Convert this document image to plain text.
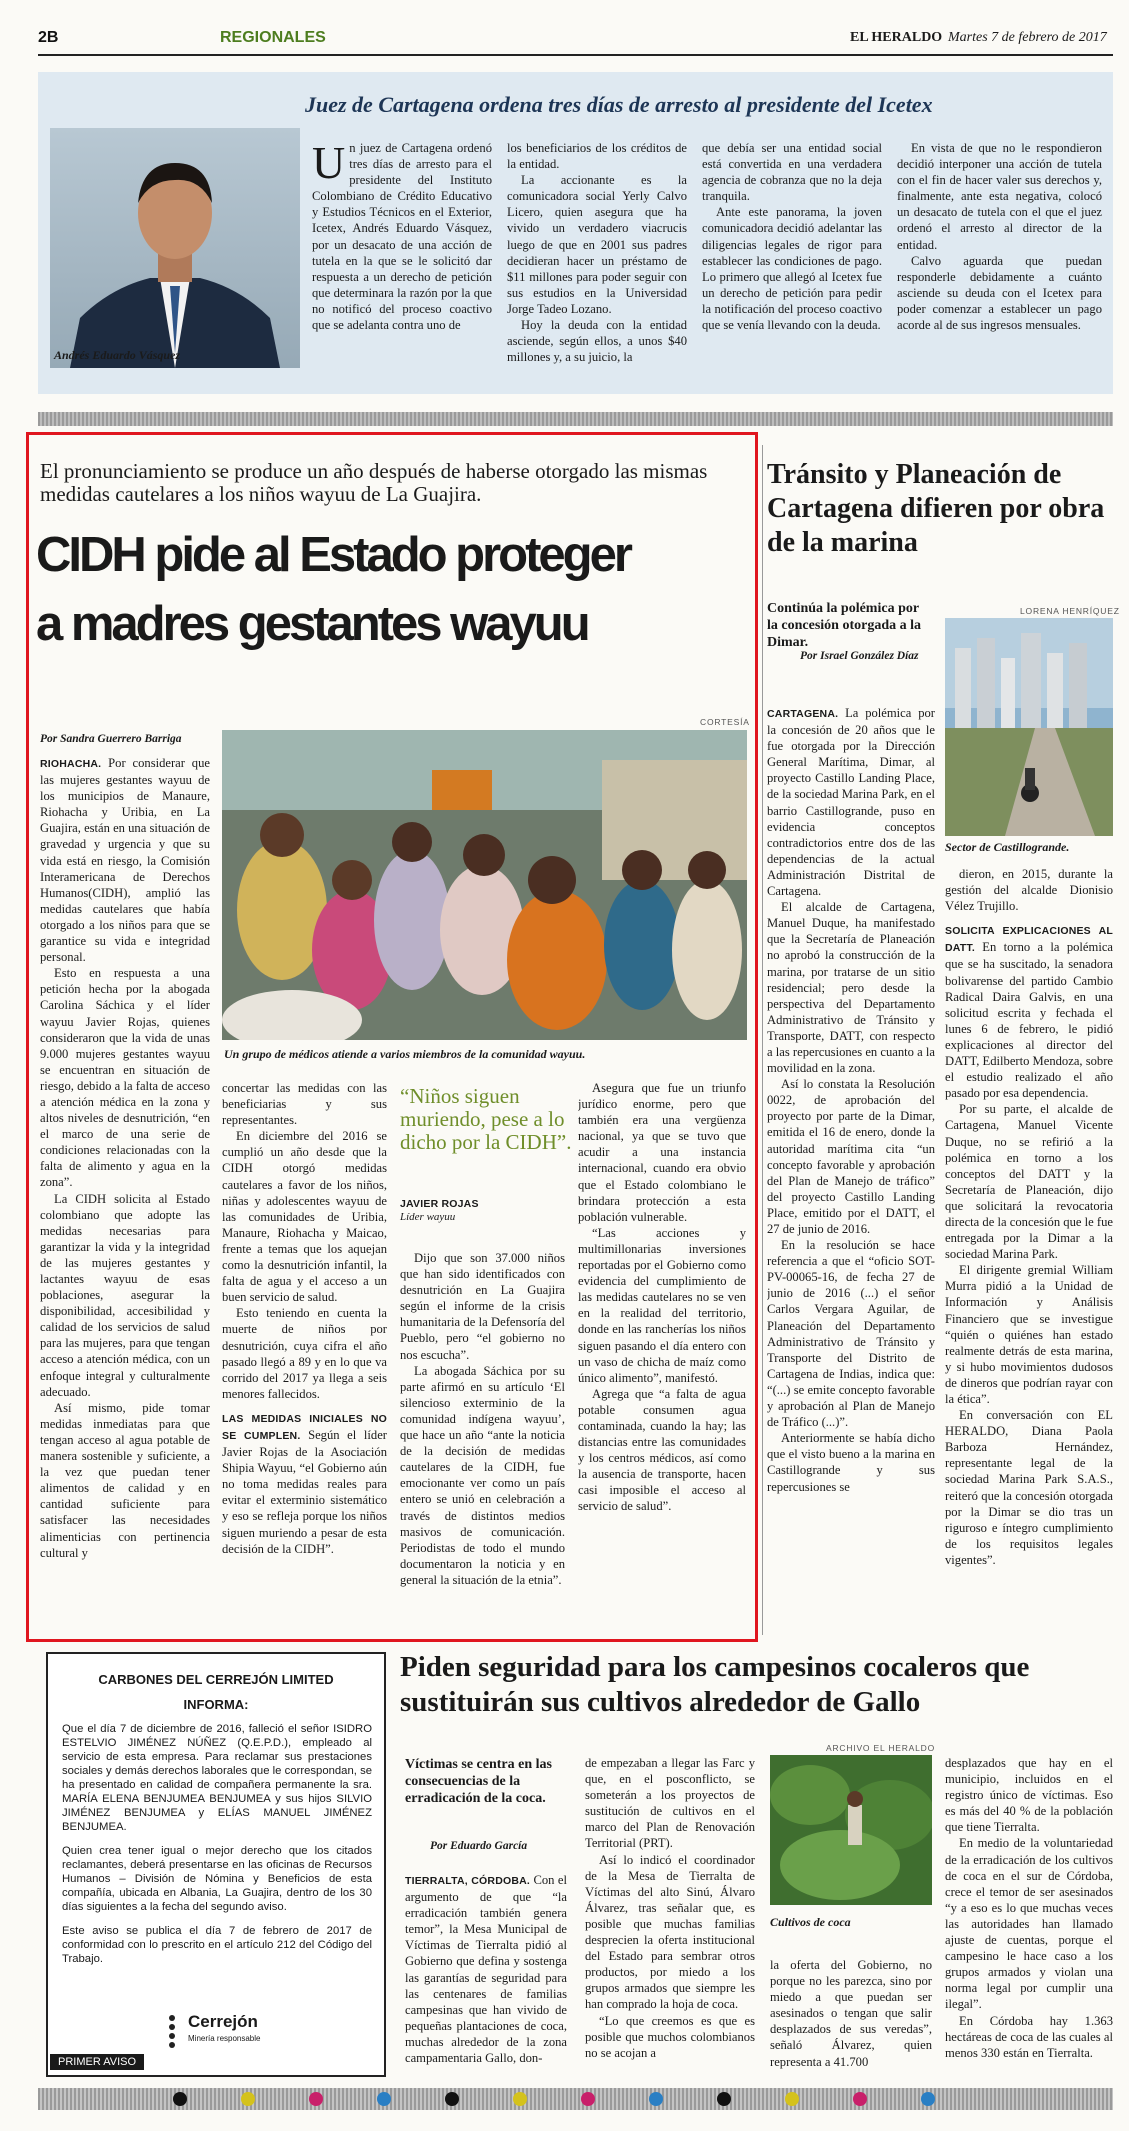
2B	REGIONALES	EL HERALDO Martes 7 de febrero de 2017
Andrés Eduardo Vásquez
Juez de Cartagena ordena tres días de arresto al presidente del Icetex
U n juez de Cartagena ordenó tres días de arresto para el presidente del Instituto Colombiano de Crédito Educativo y Estudios Técnicos en el Exterior, Icetex, Andrés Eduardo Vásquez, por un desacato de una acción de tutela en la que se le solicitó dar respuesta a un derecho de petición que determinara la razón por la que no notificó del proceso coactivo que se adelanta contra uno de

los beneficiarios de los créditos de la entidad.

La accionante es la comunicadora social Yerly Calvo Licero, quien asegura que ha vivido un verdadero viacrucis luego de que en 2001 sus padres decidieran hacer un préstamo de $11 millones para poder seguir con sus estudios en la Universidad Jorge Tadeo Lozano.

Hoy la deuda con la entidad asciende, según ellos, a unos $40 millones y, a su juicio, la

que debía ser una entidad social está convertida en una verdadera agencia de cobranza que no la deja tranquila.

Ante este panorama, la joven comunicadora decidió adelantar las diligencias legales de rigor para establecer las condiciones de pago. Lo primero que allegó al Icetex fue un derecho de petición para pedir la notificación del proceso coactivo que se venía llevando con la deuda.

En vista de que no le respondieron decidió interponer una acción de tutela con el fin de hacer valer sus derechos y, finalmente, ante esta negativa, colocó un desacato de tutela con el que el juez ordenó el arresto al director de la entidad.

Calvo aguarda que puedan responderle debidamente a cuánto asciende su deuda con el Icetex para poder comenzar a establecer un pago acorde al de sus ingresos mensuales.

El pronunciamiento se produce un año después de haberse otorgado las mismas medidas cautelares a los niños wayuu de La Guajira.
CIDH pide al Estado proteger
a madres gestantes wayuu
Por Sandra Guerrero Barriga
CORTESÍA
Un grupo de médicos atiende a varios miembros de la comunidad wayuu.

RIOHACHA. Por considerar que las mujeres gestantes wayuu de los municipios de Manaure, Riohacha y Uribia, en La Guajira, están en una situación de gravedad y urgencia y que su vida está en riesgo, la Comisión Interamericana de Derechos Humanos(CIDH), amplió las medidas cautelares que había otorgado a los niños para que se garantice su vida e integridad personal.

Esto en respuesta a una petición hecha por la abogada Carolina Sáchica y el líder wayuu Javier Rojas, quienes consideraron que la vida de unas 9.000 mujeres gestantes wayuu se encuentran en situación de riesgo, debido a la falta de acceso a atención médica en la zona y altos niveles de desnutrición, “en el marco de una serie de condiciones relacionadas con la falta de alimento y agua en la zona”.

La CIDH solicita al Estado colombiano que adopte las medidas necesarias para garantizar la vida y la integridad de las mujeres gestantes y lactantes wayuu de esas poblaciones, asegurar la disponibilidad, accesibilidad y calidad de los servicios de salud para las mujeres, para que tengan acceso a atención médica, con un enfoque integral y culturalmente adecuado.

Así mismo, pide tomar medidas inmediatas para que tengan acceso al agua potable de manera sostenible y suficiente, a la vez que puedan tener alimentos de calidad y en cantidad suficiente para satisfacer las necesidades alimenticias con pertinencia cultural y

concertar las medidas con las beneficiarias y sus representantes.

En diciembre del 2016 se cumplió un año desde que la CIDH otorgó medidas cautelares a favor de los niños, niñas y adolescentes wayuu de las comunidades de Uribia, Manaure, Riohacha y Maicao, frente a temas que los aquejan como la desnutrición infantil, la falta de agua y el acceso a un buen servicio de salud.

Esto teniendo en cuenta la muerte de niños por desnutrición, cuya cifra el año pasado llegó a 89 y en lo que va corrido del 2017 ya llega a seis menores fallecidos.

LAS MEDIDAS INICIALES NO SE CUMPLEN. Según el líder Javier Rojas de la Asociación Shipia Wayuu, “el Gobierno aún no toma medidas reales para evitar el exterminio sistemático y eso se refleja porque los niños siguen muriendo a pesar de esta decisión de la CIDH”.

“Niños siguen muriendo, pese a lo dicho por la CIDH”.
JAVIER ROJAS
Líder wayuu

Dijo que son 37.000 niños que han sido identificados con desnutrición en La Guajira según el informe de la crisis humanitaria de la Defensoría del Pueblo, pero “el gobierno no nos escucha”.

La abogada Sáchica por su parte afirmó en su artículo ‘El silencioso exterminio de la comunidad indígena wayuu’, que hace un año “ante la noticia de la decisión de medidas cautelares de la CIDH, fue emocionante ver como un país entero se unió en celebración a través de distintos medios masivos de comunicación. Periodistas de todo el mundo documentaron la noticia y en general la situación de la etnia”.

Asegura que fue un triunfo jurídico enorme, pero que también era una vergüenza nacional, ya que se tuvo que acudir a una instancia internacional, cuando era obvio que el Estado colombiano le brindara protección a esta población vulnerable.

“Las acciones y multimillonarias inversiones reportadas por el Gobierno como evidencia del cumplimiento de las medidas cautelares no se ven en la realidad del territorio, donde en las rancherías los niños siguen pasando el día entero con un vaso de chicha de maíz como único alimento”, manifestó.

Agrega que “a falta de agua potable consumen agua contaminada, cuando la hay; las distancias entre las comunidades y los centros médicos, así como la ausencia de transporte, hacen casi imposible el acceso al servicio de salud”.

Tránsito y Planeación de Cartagena difieren por obra de la marina
Continúa la polémica por la concesión otorgada a la Dimar.
Por Israel González Díaz
LORENA HENRÍQUEZ
Sector de Castillogrande.

CARTAGENA. La polémica por la concesión de 20 años que le fue otorgada por la Dirección General Marítima, Dimar, al proyecto Castillo Landing Place, de la sociedad Marina Park, en el barrio Castillogrande, puso en evidencia conceptos contradictorios entre dos de las dependencias de la actual Administración Distrital de Cartagena.

El alcalde de Cartagena, Manuel Duque, ha manifestado que la Secretaría de Planeación no aprobó la construcción de la marina, por tratarse de un sitio residencial; pero desde la perspectiva del Departamento Administrativo de Tránsito y Transporte, DATT, con respecto a las repercusiones en cuanto a la movilidad en la zona.

Así lo constata la Resolución 0022, de aprobación del proyecto por parte de la Dimar, emitida el 16 de enero, donde la autoridad marítima cita “un concepto favorable y aprobación del Plan de Manejo de tráfico” del proyecto Castillo Landing Place, emitido por el DATT, el 27 de junio de 2016.

En la resolución se hace referencia a que el “oficio SOT-PV-00065-16, de fecha 27 de junio de 2016 (...) el señor Carlos Vergara Aguilar, de Planeación del Departamento Administrativo de Tránsito y Transporte del Distrito de Cartagena de Indias, indica que: “(...) se emite concepto favorable y aprobación al Plan de Manejo de Tráfico (...)”.

Anteriormente se había dicho que el visto bueno a la marina en Castillogrande y sus repercusiones se

dieron, en 2015, durante la gestión del alcalde Dionisio Vélez Trujillo.

SOLICITA EXPLICACIONES AL DATT. En torno a la polémica que se ha suscitado, la senadora bolivarense del partido Cambio Radical Daira Galvis, en una solicitud escrita y fechada el lunes 6 de febrero, le pidió explicaciones al director del DATT, Edilberto Mendoza, sobre el estudio realizado el año pasado por esa dependencia.

Por su parte, el alcalde de Cartagena, Manuel Vicente Duque, no se refirió a la polémica en torno a los conceptos del DATT y la Secretaría de Planeación, dijo que solicitará la revocatoria directa de la concesión que le fue entregada por la Dimar a la sociedad Marina Park.

El dirigente gremial William Murra pidió a la Unidad de Información y Análisis Financiero que se investigue “quién o quiénes han estado realmente detrás de esta marina, y si hubo movimientos dudosos de dineros que podrían rayar con la ética”.

En conversación con EL HERALDO, Diana Paola Barboza Hernández, representante legal de la sociedad Marina Park S.A.S., reiteró que la concesión otorgada por la Dimar se dio tras un riguroso e íntegro cumplimiento de los requisitos legales vigentes”.

CARBONES DEL CERREJÓN LIMITED
INFORMA:

Que el día 7 de diciembre de 2016, falleció el señor ISIDRO ESTELVIO JIMÉNEZ NÚÑEZ (Q.E.P.D.), empleado al servicio de esta empresa. Para reclamar sus prestaciones sociales y demás derechos laborales que le correspondan, se ha presentado en calidad de compañera permanente la sra. MARÍA ELENA BENJUMEA BENJUMEA y sus hijos SILVIO JIMÉNEZ BENJUMEA y ELÍAS MANUEL JIMÉNEZ BENJUMEA.

Quien crea tener igual o mejor derecho que los citados reclamantes, deberá presentarse en las oficinas de Recursos Humanos – División de Nómina y Beneficios de esta compañía, ubicada en Albania, La Guajira, dentro de los 30 días siguientes a la fecha del segundo aviso.

Este aviso se publica el día 7 de febrero de 2017 de conformidad con lo prescrito en el artículo 212 del Código del Trabajo.

PRIMER AVISO
Cerrejón
Minería responsable
Piden seguridad para los campesinos cocaleros que sustituirán sus cultivos alrededor de Gallo
Víctimas se centra en las consecuencias de la erradicación de la coca.
Por Eduardo García
ARCHIVO EL HERALDO
Cultivos de coca

TIERRALTA, CÓRDOBA. Con el argumento de que “la erradicación también genera temor”, la Mesa Municipal de Víctimas de Tierralta pidió al Gobierno que defina y sostenga las garantías de seguridad para las centenares de familias campesinas que han vivido de pequeñas plantaciones de coca, muchas alrededor de la zona campamentaria Gallo, don-

de empezaban a llegar las Farc y que, en el posconflicto, se someterán a los proyectos de sustitución de cultivos en el marco del Plan de Renovación Territorial (PRT).

Así lo indicó el coordinador de la Mesa de Tierralta de Víctimas del alto Sinú, Álvaro Álvarez, tras señalar que, es posible que muchas familias desprecien la oferta institucional del Estado para sembrar otros productos, por miedo a los grupos armados que siempre les han comprado la hoja de coca.

“Lo que creemos es que es posible que muchos colombianos no se acojan a

la oferta del Gobierno, no porque no les parezca, sino por miedo a que puedan ser asesinados o tengan que salir desplazados de sus veredas”, señaló Álvarez, quien representa a 41.700

desplazados que hay en el municipio, incluidos en el registro único de víctimas. Eso es más del 40 % de la población que tiene Tierralta.

En medio de la voluntariedad de la erradicación de los cultivos de coca en el sur de Córdoba, crece el temor de ser asesinados “y a eso es lo que muchas veces las autoridades han llamado ajuste de cuentas, porque el campesino le hace caso a los grupos armados y violan una norma legal por cumplir una ilegal”.

En Córdoba hay 1.363 hectáreas de coca de las cuales al menos 330 están en Tierralta.
